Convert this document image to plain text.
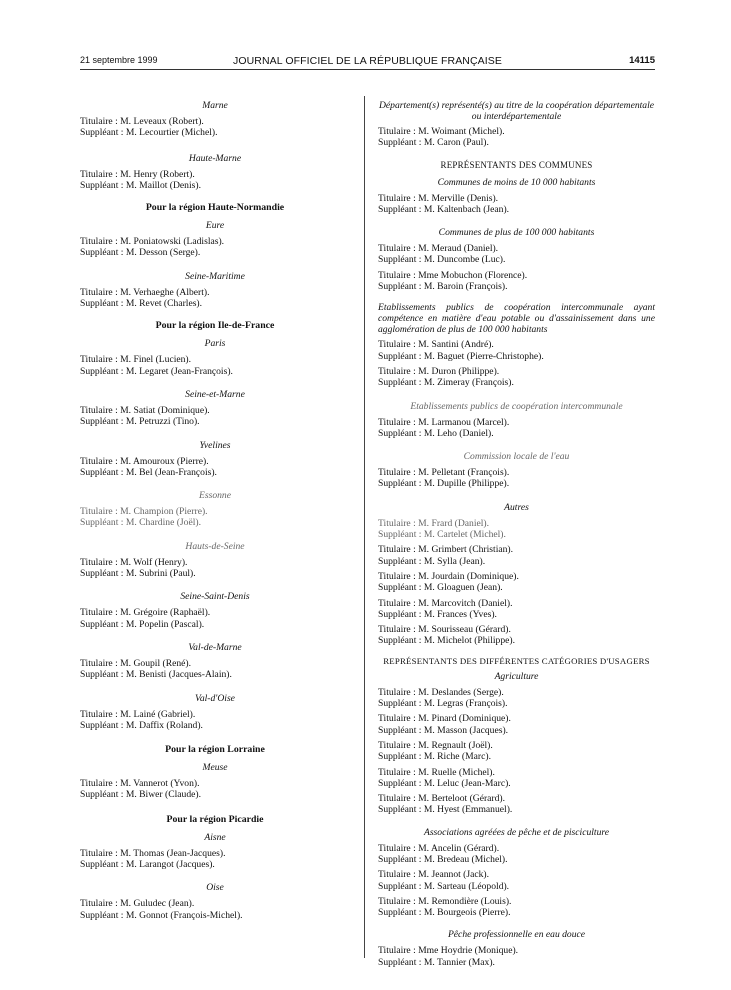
21 septembre 1999	JOURNAL OFFICIEL DE LA RÉPUBLIQUE FRANÇAISE	14115
Marne
Titulaire : M. Leveaux (Robert).
Suppléant : M. Lecourtier (Michel).
Haute-Marne
Titulaire : M. Henry (Robert).
Suppléant : M. Maillot (Denis).
Pour la région Haute-Normandie
Eure
Titulaire : M. Poniatowski (Ladislas).
Suppléant : M. Desson (Serge).
Seine-Maritime
Titulaire : M. Verhaeghe (Albert).
Suppléant : M. Revet (Charles).
Pour la région Ile-de-France
Paris
Titulaire : M. Finel (Lucien).
Suppléant : M. Legaret (Jean-François).
Seine-et-Marne
Titulaire : M. Satiat (Dominique).
Suppléant : M. Petruzzi (Tino).
Yvelines
Titulaire : M. Amouroux (Pierre).
Suppléant : M. Bel (Jean-François).
Essonne
Titulaire : M. Champion (Pierre).
Suppléant : M. Chardine (Joël).
Hauts-de-Seine
Titulaire : M. Wolf (Henry).
Suppléant : M. Subrini (Paul).
Seine-Saint-Denis
Titulaire : M. Grégoire (Raphaël).
Suppléant : M. Popelin (Pascal).
Val-de-Marne
Titulaire : M. Goupil (René).
Suppléant : M. Benisti (Jacques-Alain).
Val-d'Oise
Titulaire : M. Lainé (Gabriel).
Suppléant : M. Daffix (Roland).
Pour la région Lorraine
Meuse
Titulaire : M. Vannerot (Yvon).
Suppléant : M. Biwer (Claude).
Pour la région Picardie
Aisne
Titulaire : M. Thomas (Jean-Jacques).
Suppléant : M. Larangot (Jacques).
Oise
Titulaire : M. Guludec (Jean).
Suppléant : M. Gonnot (François-Michel).
Département(s) représenté(s) au titre de la coopération départementale ou interdépartementale
Titulaire : M. Woimant (Michel).
Suppléant : M. Caron (Paul).
REPRÉSENTANTS DES COMMUNES
Communes de moins de 10 000 habitants
Titulaire : M. Merville (Denis).
Suppléant : M. Kaltenbach (Jean).
Communes de plus de 100 000 habitants
Titulaire : M. Meraud (Daniel).
Suppléant : M. Duncombe (Luc).
Titulaire : Mme Mobuchon (Florence).
Suppléant : M. Baroin (François).
Etablissements publics de coopération intercommunale ayant compétence en matière d'eau potable ou d'assainissement dans une agglomération de plus de 100 000 habitants
Titulaire : M. Santini (André).
Suppléant : M. Baguet (Pierre-Christophe).
Titulaire : M. Duron (Philippe).
Suppléant : M. Zimeray (François).
Etablissements publics de coopération intercommunale
Titulaire : M. Larmanou (Marcel).
Suppléant : M. Leho (Daniel).
Commission locale de l'eau
Titulaire : M. Pelletant (François).
Suppléant : M. Dupille (Philippe).
Autres
Titulaire : M. Frard (Daniel).
Suppléant : M. Cartelet (Michel).
Titulaire : M. Grimbert (Christian).
Suppléant : M. Sylla (Jean).
Titulaire : M. Jourdain (Dominique).
Suppléant : M. Gloaguen (Jean).
Titulaire : M. Marcovitch (Daniel).
Suppléant : M. Frances (Yves).
Titulaire : M. Sourisseau (Gérard).
Suppléant : M. Michelot (Philippe).
REPRÉSENTANTS DES DIFFÉRENTES CATÉGORIES D'USAGERS
Agriculture
Titulaire : M. Deslandes (Serge).
Suppléant : M. Legras (François).
Titulaire : M. Pinard (Dominique).
Suppléant : M. Masson (Jacques).
Titulaire : M. Regnault (Joël).
Suppléant : M. Riche (Marc).
Titulaire : M. Ruelle (Michel).
Suppléant : M. Leluc (Jean-Marc).
Titulaire : M. Berteloot (Gérard).
Suppléant : M. Hyest (Emmanuel).
Associations agréées de pêche et de pisciculture
Titulaire : M. Ancelin (Gérard).
Suppléant : M. Bredeau (Michel).
Titulaire : M. Jeannot (Jack).
Suppléant : M. Sarteau (Léopold).
Titulaire : M. Remondière (Louis).
Suppléant : M. Bourgeois (Pierre).
Pêche professionnelle en eau douce
Titulaire : Mme Hoydrie (Monique).
Suppléant : M. Tannier (Max).
